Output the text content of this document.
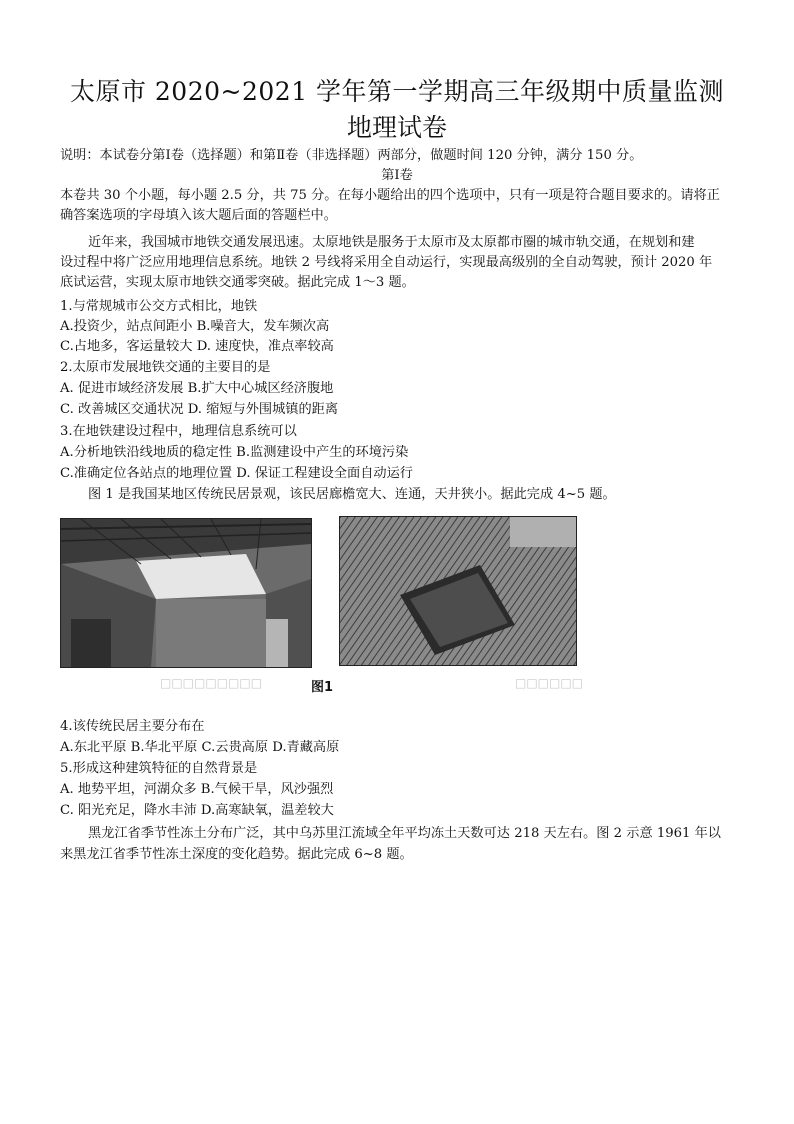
太原市 2020~2021 学年第一学期高三年级期中质量监测
地理试卷
说明：本试卷分第Ⅰ卷（选择题）和第Ⅱ卷（非选择题）两部分，做题时间 120 分钟，满分 150 分。
第Ⅰ卷
本卷共 30 个小题，每小题 2.5 分，共 75 分。在每小题给出的四个选项中，只有一项是符合题目要求的。请将正
确答案选项的字母填入该大题后面的答题栏中。
近年来，我国城市地铁交通发展迅速。太原地铁是服务于太原市及太原都市圈的城市轨交通，在规划和建
设过程中将广泛应用地理信息系统。地铁 2 号线将采用全自动运行，实现最高级别的全自动驾驶，预计 2020 年
底试运营，实现太原市地铁交通零突破。据此完成 1～3 题。
1.与常规城市公交方式相比，地铁
A.投资少，站点间距小 B.噪音大，发车频次高
C.占地多，客运量较大 D. 速度快，准点率较高
2.太原市发展地铁交通的主要目的是
A. 促进市域经济发展 B.扩大中心城区经济腹地
C. 改善城区交通状况 D. 缩短与外围城镇的距离
3.在地铁建设过程中，地理信息系统可以
A.分析地铁沿线地质的稳定性 B.监测建设中产生的环境污染
C.准确定位各站点的地理位置 D. 保证工程建设全面自动运行
图 1 是我国某地区传统民居景观，该民居廊檐宽大、连通，天井狭小。据此完成 4~5 题。
□□□□□□□□□	图1	□□□□□□
4.该传统民居主要分布在
A.东北平原 B.华北平原 C.云贵高原 D.青藏高原
5.形成这种建筑特征的自然背景是
A. 地势平坦，河湖众多 B.气候干旱，风沙强烈
C. 阳光充足，降水丰沛 D.高寒缺氧，温差较大
黑龙江省季节性冻土分布广泛，其中乌苏里江流域全年平均冻土天数可达 218 天左右。图 2 示意 1961 年以
来黑龙江省季节性冻土深度的变化趋势。据此完成 6~8 题。
